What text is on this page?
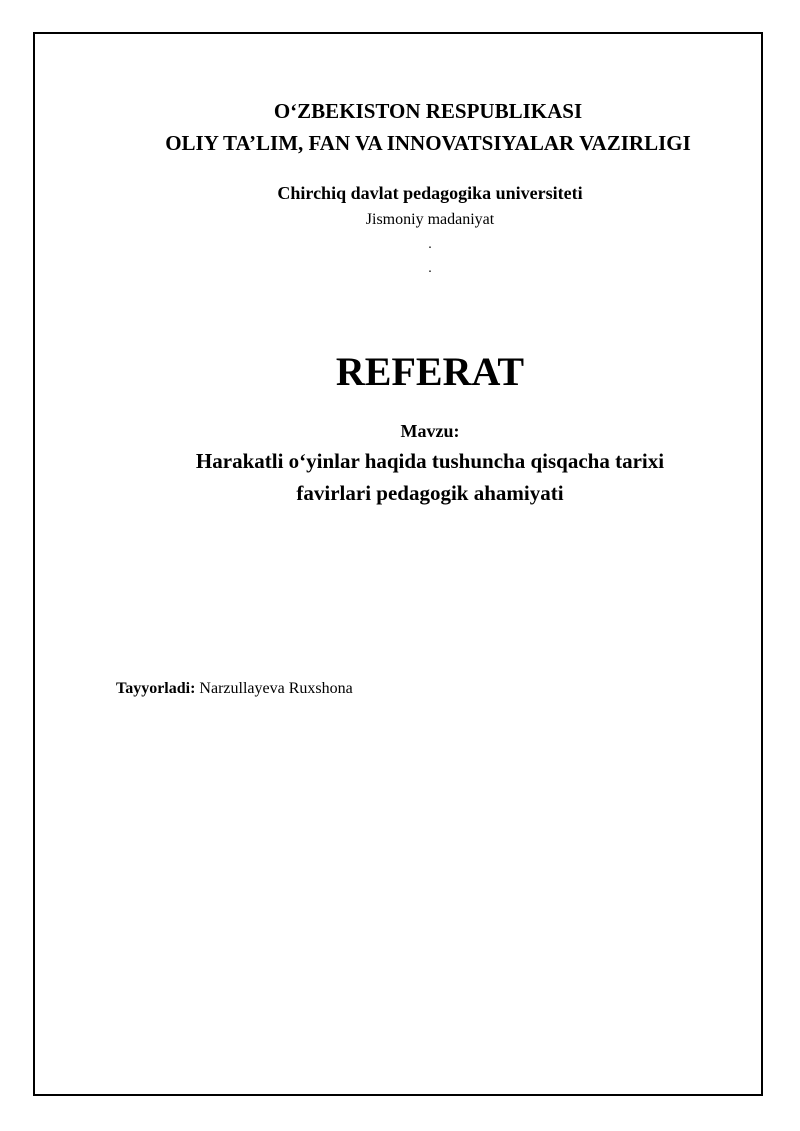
O‘ZBEKISTON RESPUBLIKASI
OLIY TA’LIM, FAN VA INNOVATSIYALAR VAZIRLIGI
Chirchiq davlat pedagogika universiteti
Jismoniy madaniyat
.
.
REFERAT
Mavzu:
Harakatli o‘yinlar haqida tushuncha qisqacha tarixi
favirlari pedagogik ahamiyati
Tayyorladi: Narzullayeva Ruxshona
